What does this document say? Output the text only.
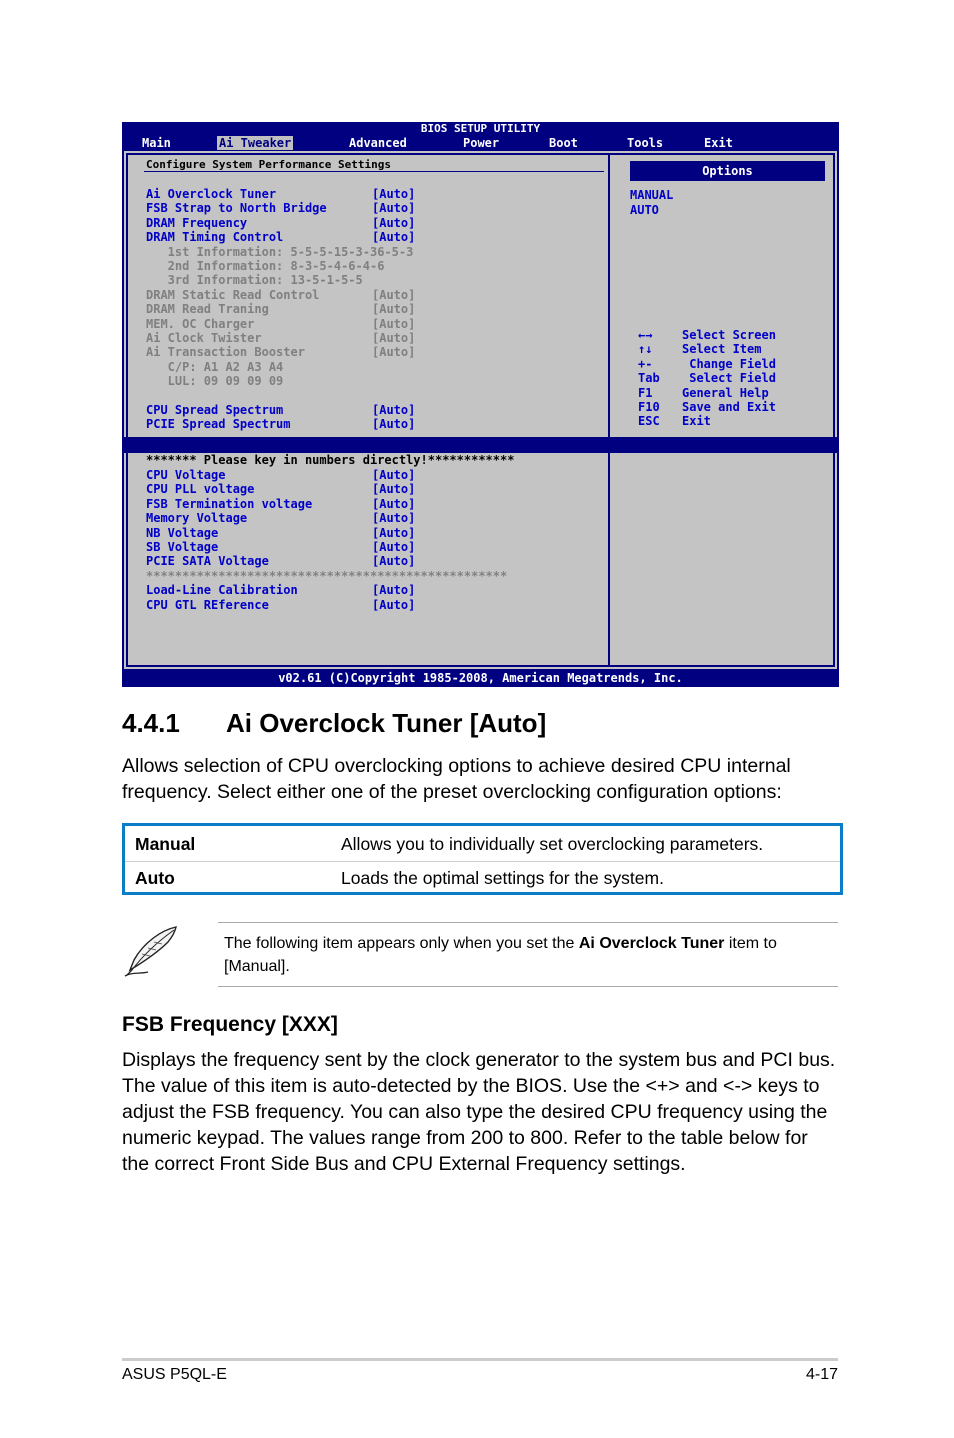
BIOS SETUP UTILITY
Main	Ai Tweaker	Advanced	Power	Boot	Tools	Exit
Configure System Performance Settings
Ai Overclock Tuner	[Auto]
FSB Strap to North Bridge	[Auto]
DRAM Frequency	[Auto]
DRAM Timing Control	[Auto]
1st Information: 5-5-5-15-3-36-5-3
2nd Information: 8-3-5-4-6-4-6
3rd Information: 13-5-1-5-5
DRAM Static Read Control	[Auto]
DRAM Read Traning	[Auto]
MEM. OC Charger	[Auto]
Ai Clock Twister	[Auto]
Ai Transaction Booster	[Auto]
C/P: A1 A2 A3 A4
LUL: 09 09 09 09
CPU Spread Spectrum	[Auto]
PCIE Spread Spectrum	[Auto]
Options
MANUAL
AUTO
←→ Select Screen
↑↓ Select Item
+- Change Field
Tab Select Field
F1 General Help
F10 Save and Exit
ESC Exit
******* Please key in numbers directly!************
CPU Voltage	[Auto]
CPU PLL voltage	[Auto]
FSB Termination voltage	[Auto]
Memory Voltage	[Auto]
NB Voltage	[Auto]
SB Voltage	[Auto]
PCIE SATA Voltage	[Auto]
**************************************************
Load-Line Calibration	[Auto]
CPU GTL REference	[Auto]
v02.61 (C)Copyright 1985-2008, American Megatrends, Inc.
4.4.1 Ai Overclock Tuner [Auto]
Allows selection of CPU overclocking options to achieve desired CPU internal
frequency. Select either one of the preset overclocking configuration options:
Manual	Allows you to individually set overclocking parameters.
Auto	Loads the optimal settings for the system.
The following item appears only when you set the Ai Overclock Tuner item to [Manual].
FSB Frequency [XXX]
Displays the frequency sent by the clock generator to the system bus and PCI bus.
The value of this item is auto-detected by the BIOS. Use the <+> and <-> keys to
adjust the FSB frequency. You can also type the desired CPU frequency using the
numeric keypad. The values range from 200 to 800. Refer to the table below for
the correct Front Side Bus and CPU External Frequency settings.
ASUS P5QL-E	4-17
